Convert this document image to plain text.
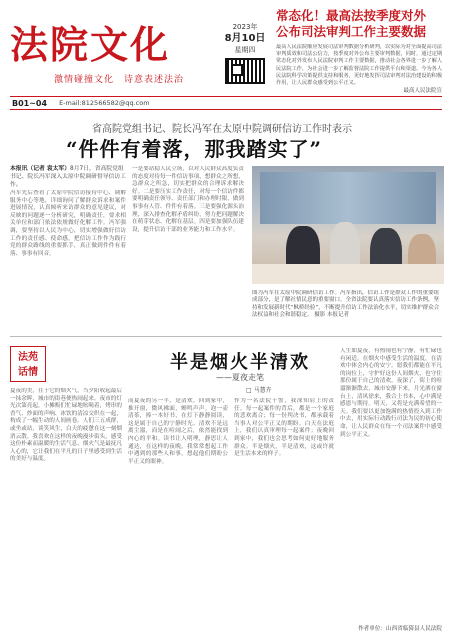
法院文化
激情碰撞文化　诗意表述法治
2023年
8月10日
星期四
常态化！最高法按季度对外
公布司法审判工作主要数据
最高人民法院顺应发展司法审判数据分析研判，以实际为对全面提高司法审判质效和司法公信力，按季度对外公布主要审判数据，同时，通过定期常态化对外发布人民法院审判工作主要数据，推动社会各界进一步了解人民法院工作，为社会进一步了解监督法院工作提供平台和渠道。今为各人民法院科学决策提供支持和服务，更好地发挥司法审判对法治建设的积极作用，让人民群众感受到公平正义。
最高人民法院宣
B01~04 E-mail:812566582@qq.com
省高院党组书记、院长冯军在太原中院调研信访工作时表示
“件件有着落，那我踏实了”
本报讯（记者 袁太军）8月7日，省高院党组书记、院长冯军深入太原中院调研督导信访工作。
冯军先后查看了太原中院信访接待中心、调解服务中心等地，详细询问了解群众诉求和案件进展情况，认真倾听来访群众的意见建议，对反映的问题逐一分析研究，明确责任，要求相关单位和部门依法依规做好化解工作。冯军强调，要坚持以人民为中心，切实增强做好信访工作的责任感、使命感，把信访工作作为践行党的群众路线的重要抓手，真正做到件件有着落、事事有回音。
一是要站稳人民立场，以对人民群众高度负责的态度对待每一件信访事项，想群众之所想，急群众之所急，切实把群众的合理诉求解决好。二是要压实工作责任，对每一个信访件都要明确责任领导、责任部门和办理时限，做到事事有人管、件件有着落。三是要强化源头治理，深入排查化解矛盾纠纷，努力把问题解决在萌芽状态、化解在基层。四是要加强队伍建设，提升信访干部的业务能力和工作水平。
图为冯军在太原中院调研信访工作。冯军指出，信访工作是群众工作的重要组成部分，是了解社情民意的重要窗口。全省法院要认真落实信访工作条例，坚持和发展新时代“枫桥经验”，不断提升信访工作法治化水平，切实维护群众合法权益和社会和谐稳定。 摄影 本报记者
法苑
话情
夏夜的美，在于它的烟火气。当夕阳收起最后一抹余晖，城市的街巷便热闹起来。夜市的灯光次第亮起，小摊贩们忙碌地吆喝着，烤串的香气、炒面的声响、冰饮的清凉交织在一起，构成了一幅生动的人间画卷。人们三五成群，或坐或站，谈笑风生，白天的疲惫在这一刻烟消云散。我喜欢在这样的夜晚漫步街头，感受这份朴素而温暖的生活气息。烟火气是最抚凡人心的，它让我们在平凡的日子里感受到生活的美好与温度。
半是烟火半清欢
——夏夜走笔
□ 马慧卉
而夏夜的另一半，是清欢。回到家中，推开窗，微风拂面，蝉鸣声声。泡一壶清茶，捧一本好书，在灯下静静阅读，这是属于自己的宁静时光。清欢不是远离尘嚣，而是在喧闹之后，依然能找到内心的平和。读书让人明理，静思让人通达，在这样的夜晚，我常常想起工作中遇到的那些人和事，想起他们期盼公平正义的眼神。
作为一名法院干警，我深知肩上的责任。每一起案件的背后，都是一个家庭的悲欢离合；每一份判决书，都承载着当事人对公平正义的期盼。白天在法庭上，我们认真审理每一起案件；夜晚回到家中，我们也会思考如何更好地服务群众。半是烟火，半是清欢，这或许就是生活本来的样子。
人生如夏夜，有热闹也有宁静，有忙碌也有闲适。在烟火中感受生活的温度，在清欢中体会内心的安宁。愿我们都能在平凡的岗位上，守护好这份人间烟火，也守住那份属于自己的清欢。夜深了，街上的喧嚣渐渐散去，城市安静下来，月光洒在窗台上，清风徐来，我合上书本，心中满是感恩与期待。明天，又将是充满希望的一天。我们要以更加饱满的热情投入到工作中去，用实际行动践行司法为民的初心使命，让人民群众在每一个司法案件中感受到公平正义。
作者单位：山西省临猗县人民法院
